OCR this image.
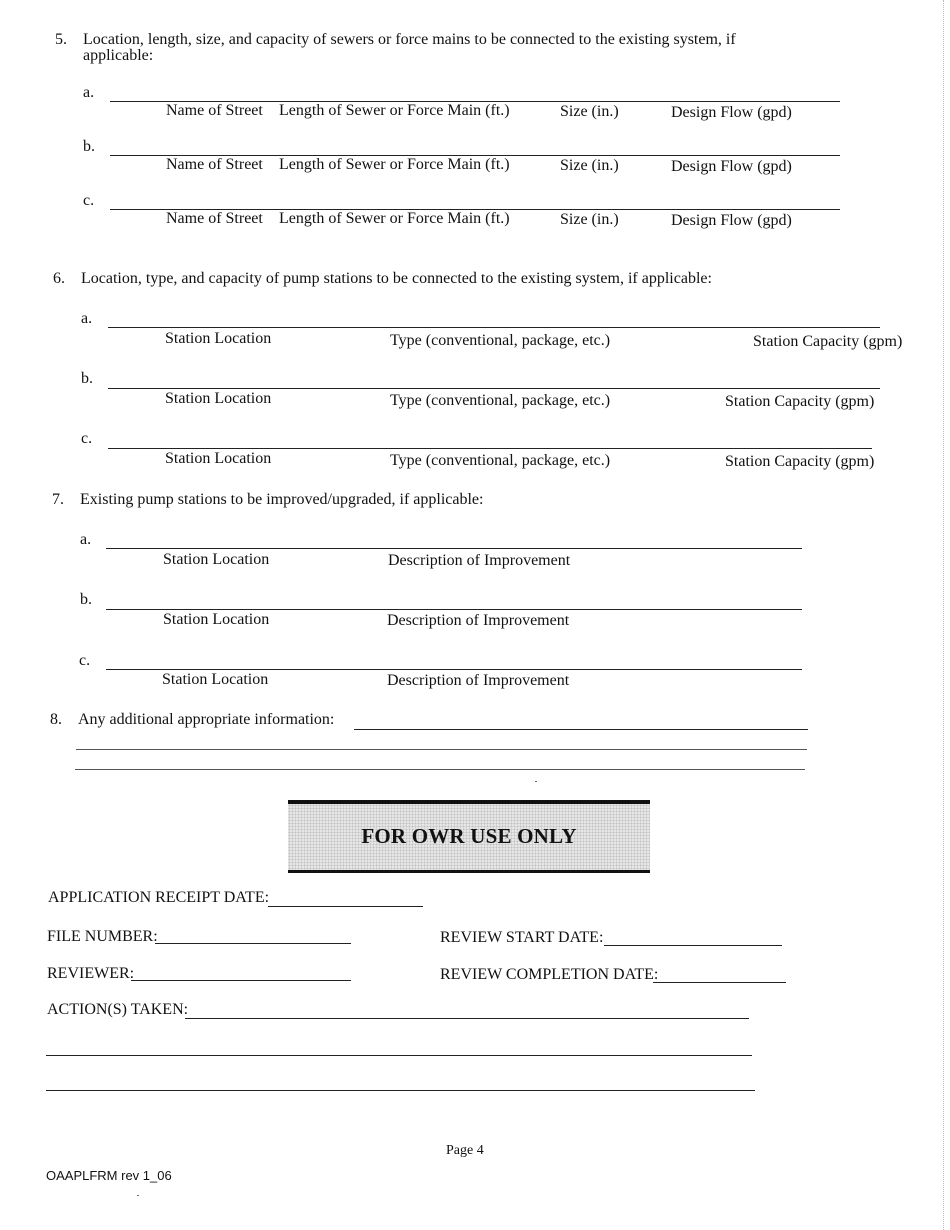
5. Location, length, size, and capacity of sewers or force mains to be connected to the existing system, if
applicable:
a.
Name of Street Length of Sewer or Force Main (ft.)	Size (in.)	Design Flow (gpd)
b.
Name of Street Length of Sewer or Force Main (ft.)	Size (in.)	Design Flow (gpd)
c.
Name of Street Length of Sewer or Force Main (ft.)	Size (in.)	Design Flow (gpd)
6. Location, type, and capacity of pump stations to be connected to the existing system, if applicable:
a.
Station Location	Type (conventional, package, etc.)	Station Capacity (gpm)
b.
Station Location	Type (conventional, package, etc.)	Station Capacity (gpm)
c.
Station Location	Type (conventional, package, etc.)	Station Capacity (gpm)
7. Existing pump stations to be improved/upgraded, if applicable:
a.
Station Location	Description of Improvement
b.
Station Location	Description of Improvement
c.
Station Location	Description of Improvement
8. Any additional appropriate information:
FOR OWR USE ONLY
APPLICATION RECEIPT DATE:
FILE NUMBER:	REVIEW START DATE:
REVIEWER:	REVIEW COMPLETION DATE:
ACTION(S) TAKEN:
Page 4
OAAPLFRM rev 1_06
